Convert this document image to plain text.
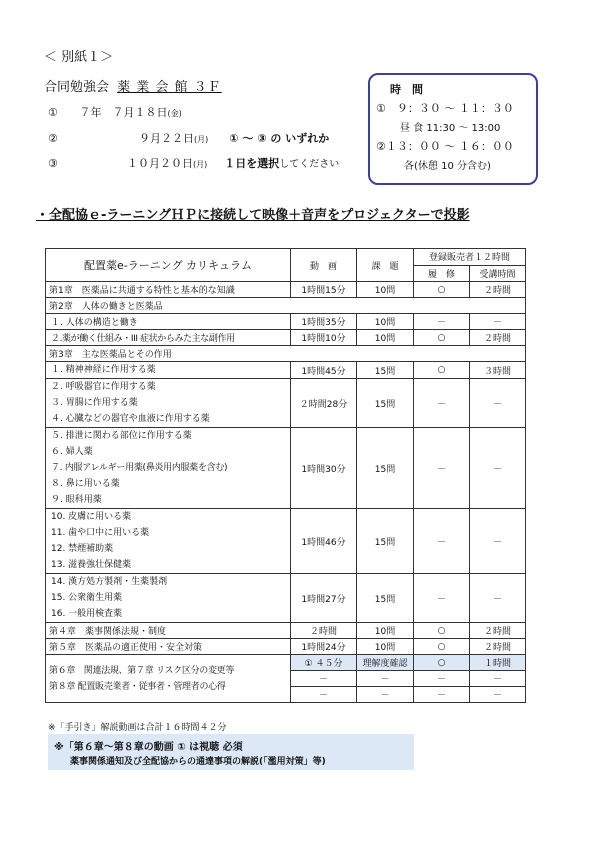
＜ 別紙１＞
合同勉強会 薬 業 会 館 ３Ｆ
① ７年　７月１８日(金)
②	９月２２日(月) ① ～ ③ の いずれか
③	１０月２０日(月) １日を選択してください
時　間
①　９：３０ ～ １１：３０
昼 食 11:30 ～ 13:00
②１３：００ ～ １６：００
各(休憩 10 分含む)
・全配協ｅ-ラーニングＨＰに接続して映像＋音声をプロジェクターで投影
配置薬e-ラーニング カリキュラム	動　画	課　題	登録販売者１２時間	
			履　修	受講時間
第1章　医薬品に共通する特性と基本的な知識	1時間15分	10問	○	２時間
第2章　人体の働きと医薬品				
１. 人体の構造と働き	1時間35分	10問	－	－
２.薬が働く仕組み・III 症状からみた主な副作用	1時間10分	10問	○	２時間
第3章　主な医薬品とその作用				

１. 精神神経に作用する薬	1時間45分	15問	○	３時間

２. 呼吸器官に作用する薬
３. 胃腸に作用する薬
４. 心臓などの器官や血液に作用する薬	２時間28分	15問	－	－

５. 排泄に関わる部位に作用する薬
６. 婦人薬
７. 内服アレルギー用薬(鼻炎用内服薬を含む)
８. 鼻に用いる薬
９. 眼科用薬	1時間30分	15問	－	－

10. 皮膚に用いる薬
11. 歯や口中に用いる薬
12. 禁煙補助薬
13. 滋養強壮保健薬	1時間46分	15問	－	－

14. 漢方処方製剤・生薬製剤
15. 公衆衛生用薬
16. 一般用検査薬	1時間27分	15問	－	－
第４章　薬事関係法規・制度	２時間	10問	○	２時間
第５章　医薬品の適正使用・安全対策	1時間24分	10問	○	２時間

第６章　関連法規、第７章 リスク区分の変更等
第８章 配置販売業者・従事者・管理者の心得	① ４５分	理解度確認	○	１時間
	－	－	－	－
	－	－	－	－
※「手引き」解説動画は合計１６時間４２分
※「第６章～第８章の動画 ① は視聴 必須
薬事関係通知及び全配協からの通達事項の解説(「濫用対策」等)
